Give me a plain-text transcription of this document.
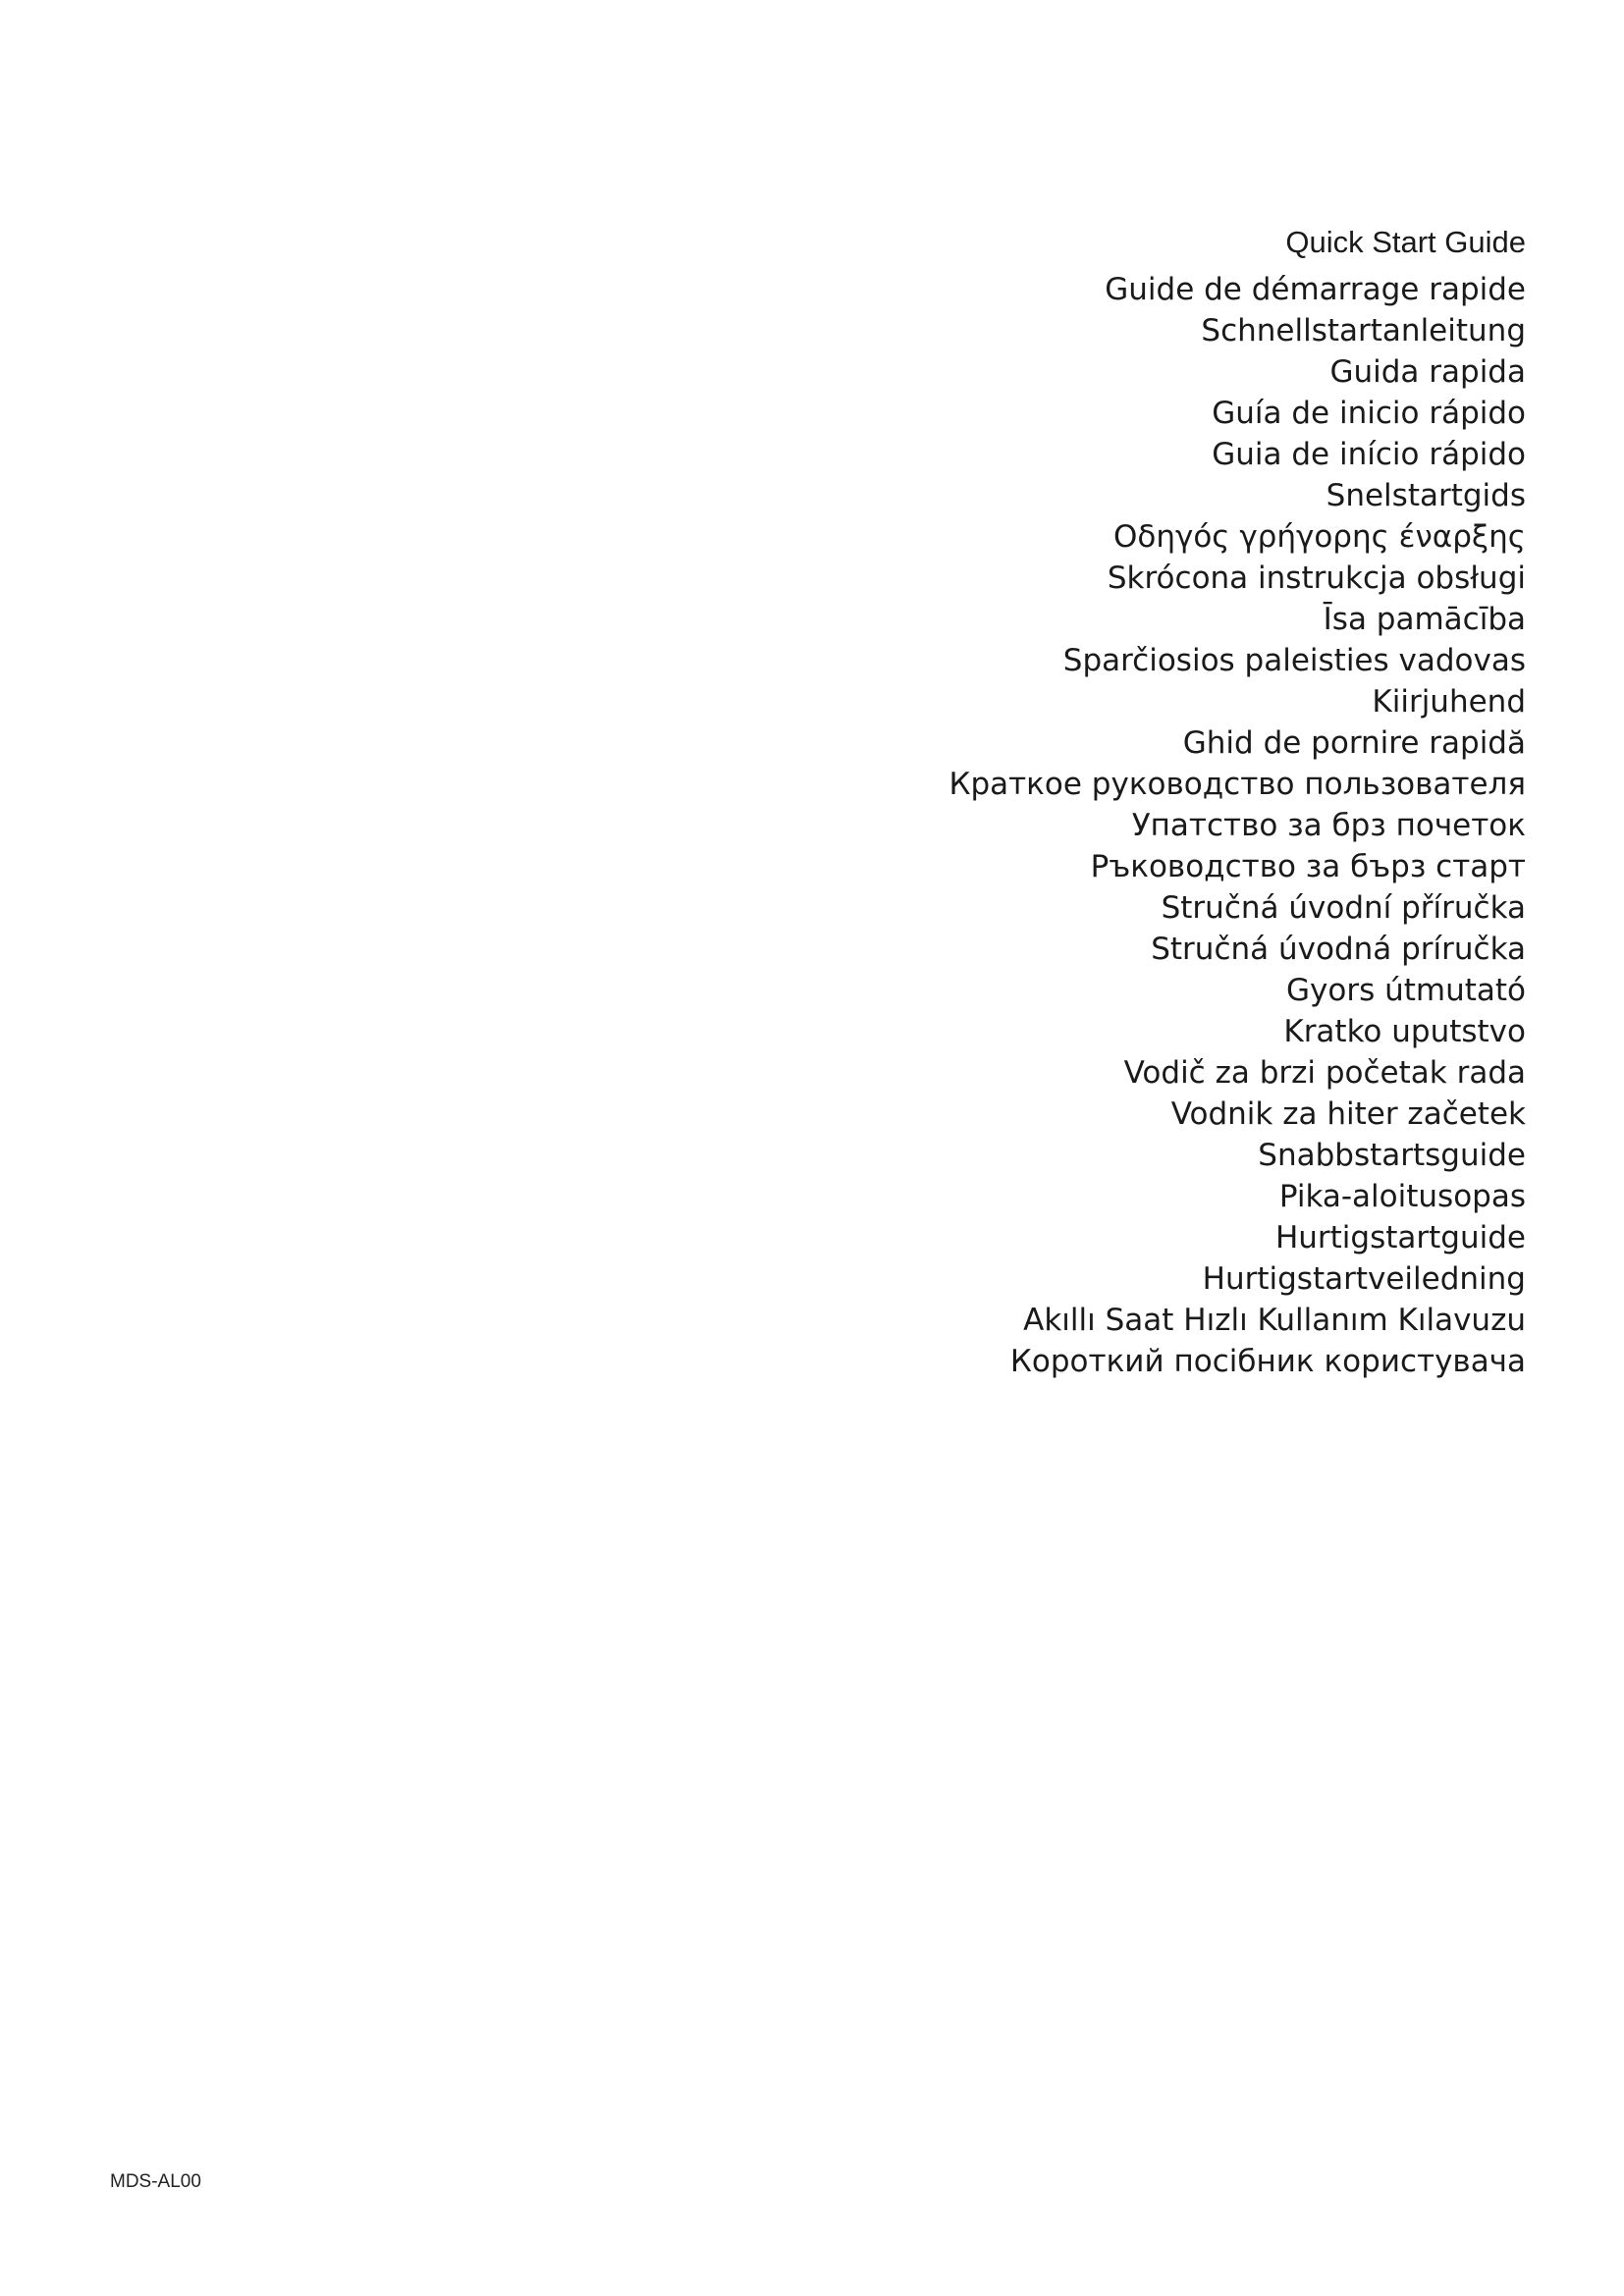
Quick Start Guide
Guide de démarrage rapide
Schnellstartanleitung
Guida rapida
Guía de inicio rápido
Guia de início rápido
Snelstartgids
Οδηγός γρήγορης έναρξης
Skrócona instrukcja obsługi
Īsa pamācība
Sparčiosios paleisties vadovas
Kiirjuhend
Ghid de pornire rapidă
Краткое руководство пользователя
Упатство за брз почеток
Ръководство за бърз старт
Stručná úvodní příručka
Stručná úvodná príručka
Gyors útmutató
Kratko uputstvo
Vodič za brzi početak rada
Vodnik za hiter začetek
Snabbstartsguide
Pika-aloitusopas
Hurtigstartguide
Hurtigstartveiledning
Akıllı Saat Hızlı Kullanım Kılavuzu
Короткий посібник користувача
MDS-AL00
